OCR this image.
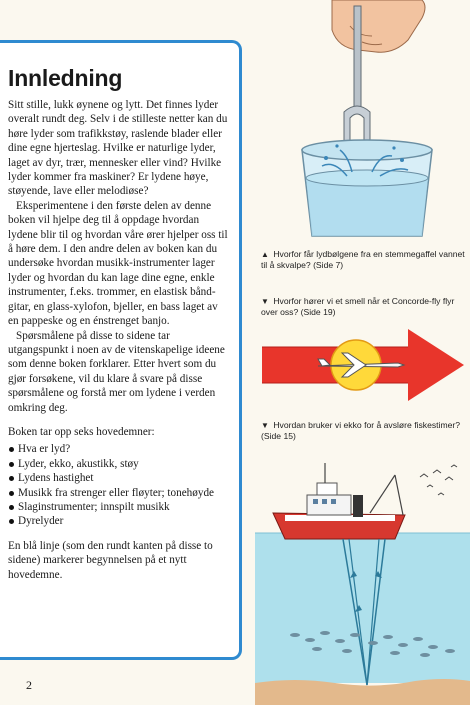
Innledning

Sitt stille, lukk øynene og lytt. Det finnes lyder overalt rundt deg. Selv i de stilleste netter kan du høre lyder som trafikkstøy, raslende blader eller dine egne hjerteslag. Hvilke er naturlige lyder, laget av dyr, trær, mennesker eller vind? Hvilke lyder kommer fra maskiner? Er lydene høye, støyende, lave eller melodiøse?

Eksperimentene i den første delen av denne boken vil hjelpe deg til å oppdage hvordan lydene blir til og hvordan våre ører hjelper oss til å høre dem. I den andre delen av boken kan du undersøke hvordan musikk-instrumenter lager lyder og hvordan du kan lage dine egne, enkle instrumenter, f.eks. trommer, en elastisk bånd-gitar, en glass-xylofon, bjeller, en bass laget av en pappeske og en énstrenget banjo.

Spørsmålene på disse to sidene tar utgangspunkt i noen av de vitenskapelige ideene som denne boken forklarer. Etter hvert som du gjør forsøkene, vil du klare å svare på disse spørsmålene og forstå mer om lydene i verden omkring deg.

Boken tar opp seks hovedemner:

Hva er lyd?
Lyder, ekko, akustikk, støy
Lydens hastighet
Musikk fra strenger eller fløyter; tonehøyde
Slaginstrumenter; innspilt musikk
Dyrelyder

En blå linje (som den rundt kanten på disse to sidene) markerer begynnelsen på et nytt hovedemne.

2
▲ Hvorfor får lydbølgene fra en stemmegaffel vannet til å skvalpe? (Side 7)
▼ Hvorfor hører vi et smell når et Concorde-fly flyr over oss? (Side 19)
▼ Hvordan bruker vi ekko for å avsløre fiskestimer? (Side 15)
